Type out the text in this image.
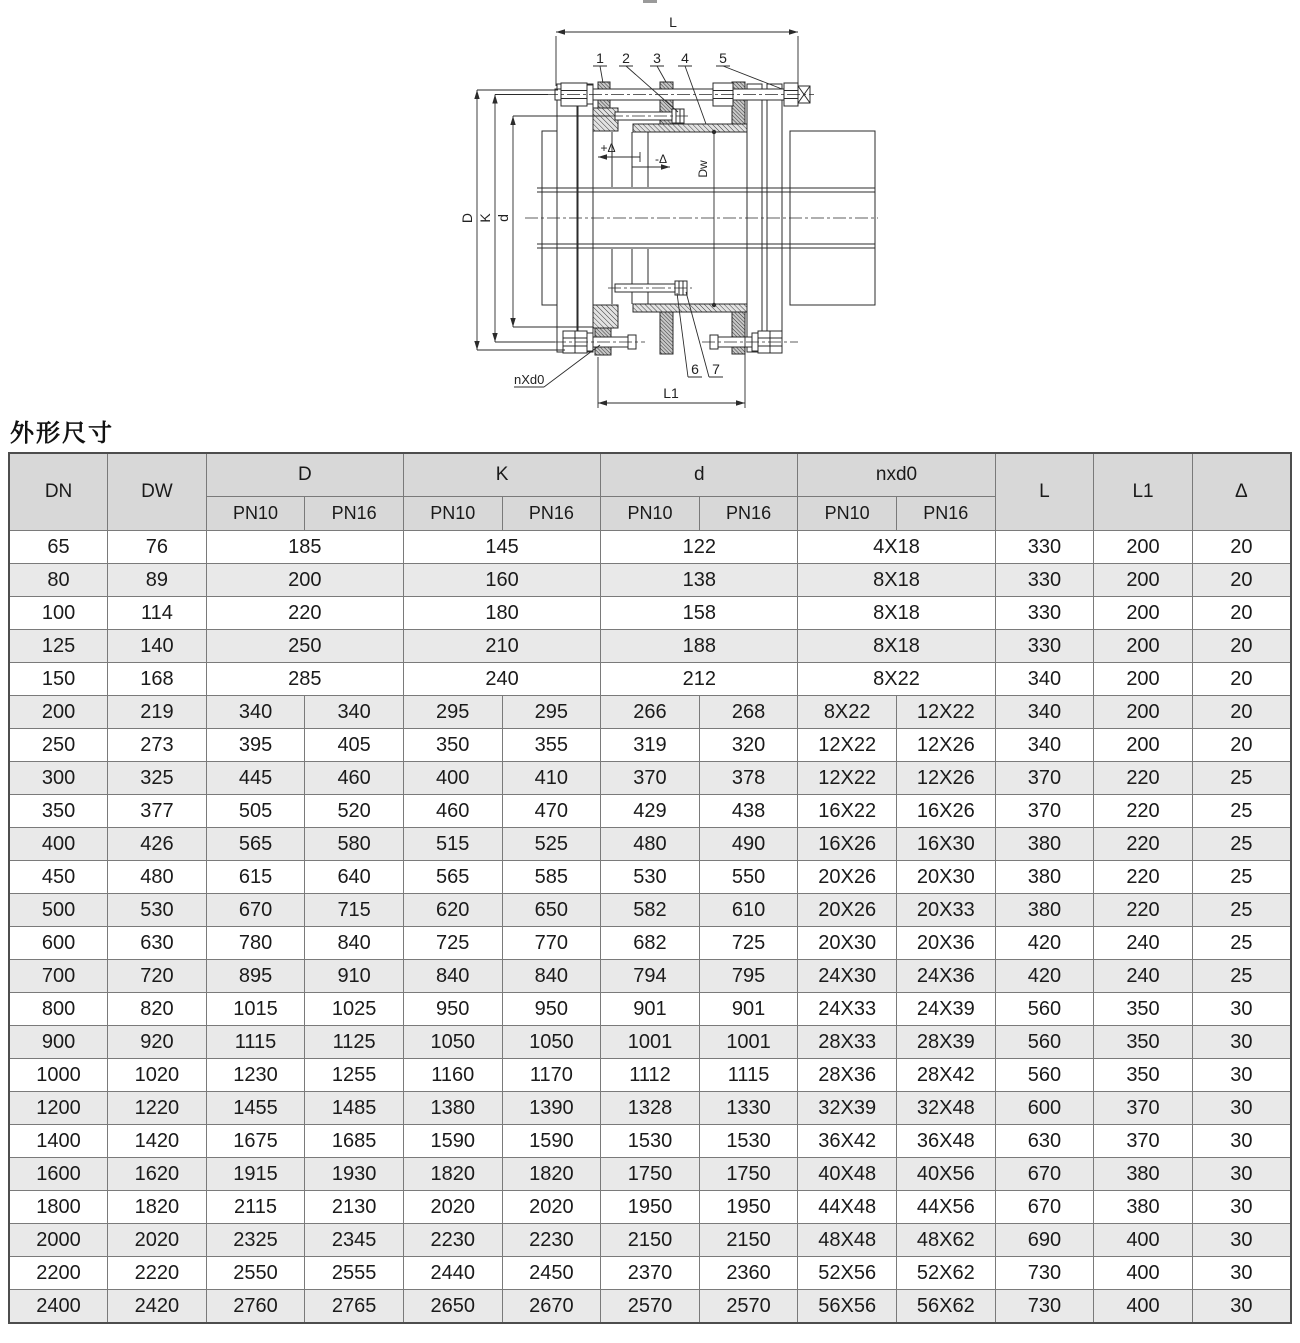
L
1 2 3 4 5
6 7
D K d
Dw
+Δ
-Δ
nXd0
L1
外形尺寸
DN	DW	D		K		d		nxd0		L	L1	Δ
		PN10	PN16	PN10	PN16	PN10	PN16	PN10	PN16			
65	76	185		145		122		4X18		330	200	20
80	89	200		160		138		8X18		330	200	20
100	114	220		180		158		8X18		330	200	20
125	140	250		210		188		8X18		330	200	20
150	168	285		240		212		8X22		340	200	20
200	219	340	340	295	295	266	268	8X22	12X22	340	200	20
250	273	395	405	350	355	319	320	12X22	12X26	340	200	20
300	325	445	460	400	410	370	378	12X22	12X26	370	220	25
350	377	505	520	460	470	429	438	16X22	16X26	370	220	25
400	426	565	580	515	525	480	490	16X26	16X30	380	220	25
450	480	615	640	565	585	530	550	20X26	20X30	380	220	25
500	530	670	715	620	650	582	610	20X26	20X33	380	220	25
600	630	780	840	725	770	682	725	20X30	20X36	420	240	25
700	720	895	910	840	840	794	795	24X30	24X36	420	240	25
800	820	1015	1025	950	950	901	901	24X33	24X39	560	350	30
900	920	1115	1125	1050	1050	1001	1001	28X33	28X39	560	350	30
1000	1020	1230	1255	1160	1170	1112	1115	28X36	28X42	560	350	30
1200	1220	1455	1485	1380	1390	1328	1330	32X39	32X48	600	370	30
1400	1420	1675	1685	1590	1590	1530	1530	36X42	36X48	630	370	30
1600	1620	1915	1930	1820	1820	1750	1750	40X48	40X56	670	380	30
1800	1820	2115	2130	2020	2020	1950	1950	44X48	44X56	670	380	30
2000	2020	2325	2345	2230	2230	2150	2150	48X48	48X62	690	400	30
2200	2220	2550	2555	2440	2450	2370	2360	52X56	52X62	730	400	30
2400	2420	2760	2765	2650	2670	2570	2570	56X56	56X62	730	400	30
